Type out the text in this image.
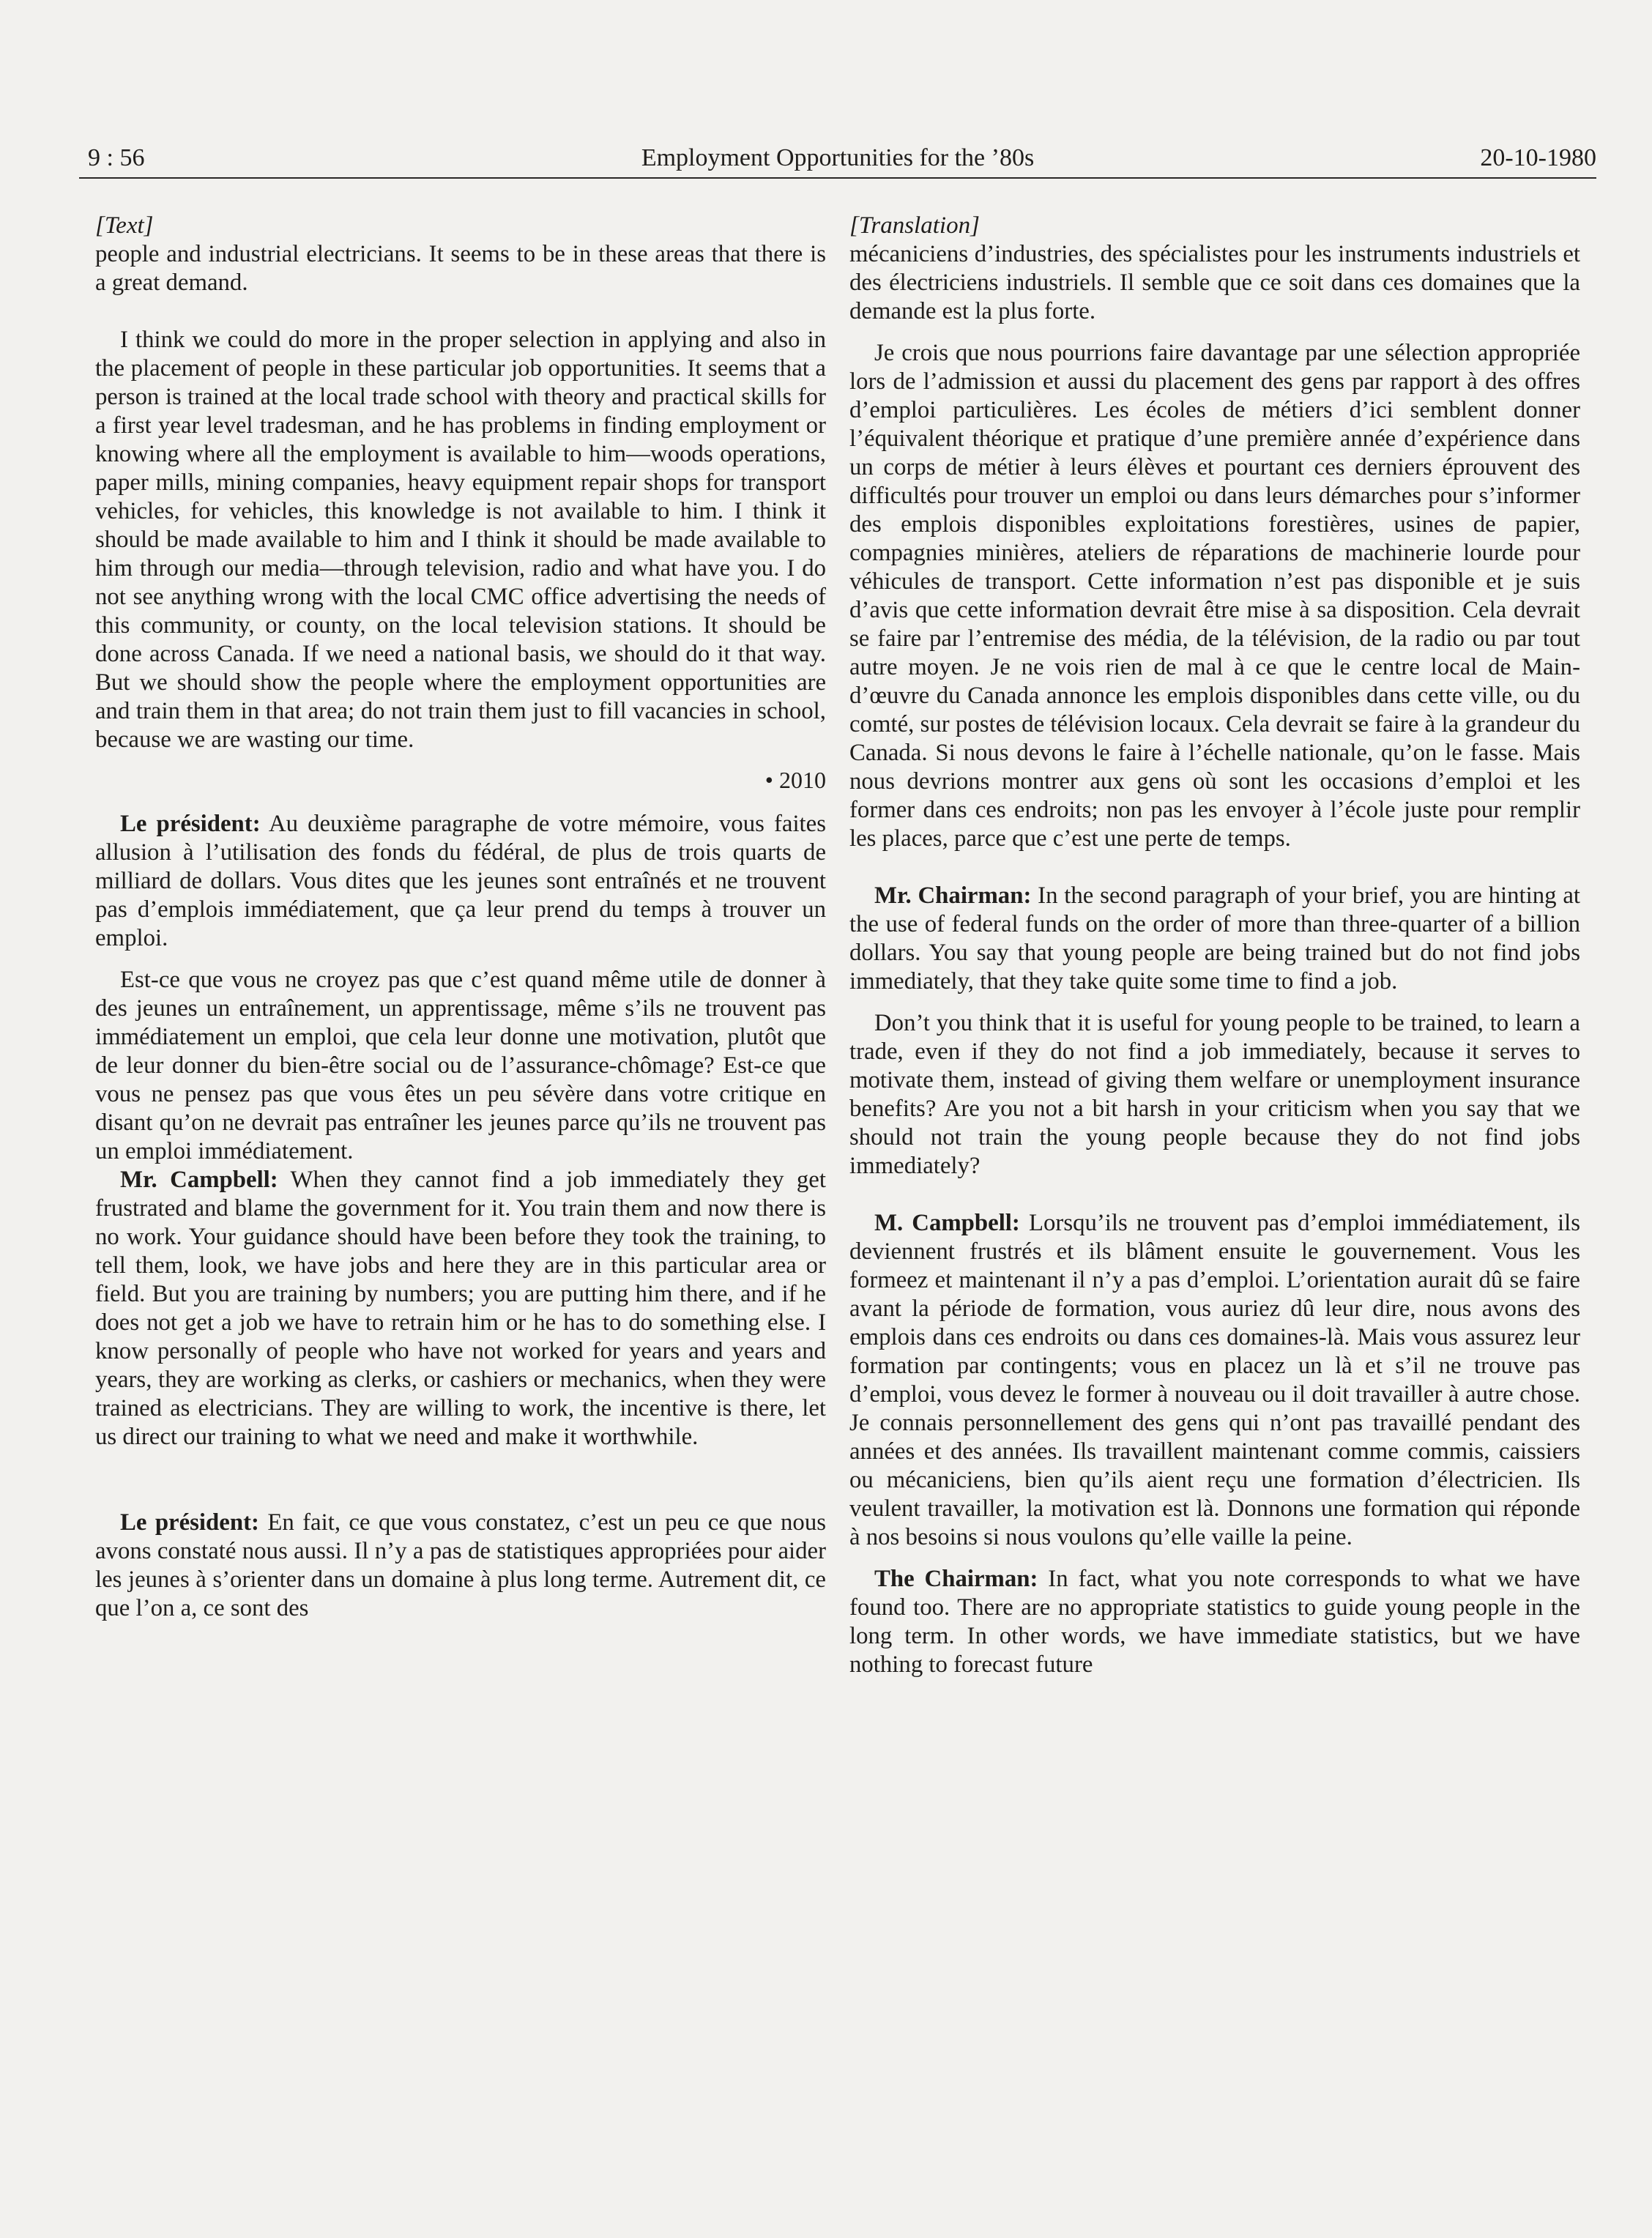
9 : 56	Employment Opportunities for the ’80s	20-10-1980
[Text]

people and industrial electricians. It seems to be in these areas that there is a great demand.

I think we could do more in the proper selection in applying and also in the placement of people in these particular job opportunities. It seems that a person is trained at the local trade school with theory and practical skills for a first year level tradesman, and he has problems in finding employment or knowing where all the employment is available to him—woods operations, paper mills, mining companies, heavy equipment repair shops for transport vehicles, for vehicles, this knowledge is not available to him. I think it should be made available to him and I think it should be made available to him through our media—through television, radio and what have you. I do not see anything wrong with the local CMC office advertising the needs of this community, or county, on the local television stations. It should be done across Canada. If we need a national basis, we should do it that way. But we should show the people where the employment opportunities are and train them in that area; do not train them just to fill vacancies in school, because we are wasting our time.

• 2010

Le président: Au deuxième paragraphe de votre mémoire, vous faites allusion à l’utilisation des fonds du fédéral, de plus de trois quarts de milliard de dollars. Vous dites que les jeunes sont entraînés et ne trouvent pas d’emplois immédiatement, que ça leur prend du temps à trouver un emploi.

Est-ce que vous ne croyez pas que c’est quand même utile de donner à des jeunes un entraînement, un apprentissage, même s’ils ne trouvent pas immédiatement un emploi, que cela leur donne une motivation, plutôt que de leur donner du bien-être social ou de l’assurance-chômage? Est-ce que vous ne pensez pas que vous êtes un peu sévère dans votre critique en disant qu’on ne devrait pas entraîner les jeunes parce qu’ils ne trouvent pas un emploi immédiatement.

Mr. Campbell: When they cannot find a job immediately they get frustrated and blame the government for it. You train them and now there is no work. Your guidance should have been before they took the training, to tell them, look, we have jobs and here they are in this particular area or field. But you are training by numbers; you are putting him there, and if he does not get a job we have to retrain him or he has to do something else. I know personally of people who have not worked for years and years and years, they are working as clerks, or cashiers or mechanics, when they were trained as electricians. They are willing to work, the incentive is there, let us direct our training to what we need and make it worthwhile.

Le président: En fait, ce que vous constatez, c’est un peu ce que nous avons constaté nous aussi. Il n’y a pas de statistiques appropriées pour aider les jeunes à s’orienter dans un domaine à plus long terme. Autrement dit, ce que l’on a, ce sont des

[Translation]

mécaniciens d’industries, des spécialistes pour les instruments industriels et des électriciens industriels. Il semble que ce soit dans ces domaines que la demande est la plus forte.

Je crois que nous pourrions faire davantage par une sélection appropriée lors de l’admission et aussi du placement des gens par rapport à des offres d’emploi particulières. Les écoles de métiers d’ici semblent donner l’équivalent théorique et pratique d’une première année d’expérience dans un corps de métier à leurs élèves et pourtant ces derniers éprouvent des difficultés pour trouver un emploi ou dans leurs démarches pour s’informer des emplois disponibles exploitations forestières, usines de papier, compagnies minières, ateliers de réparations de machinerie lourde pour véhicules de transport. Cette information n’est pas disponible et je suis d’avis que cette information devrait être mise à sa disposition. Cela devrait se faire par l’entremise des média, de la télévision, de la radio ou par tout autre moyen. Je ne vois rien de mal à ce que le centre local de Main-d’œuvre du Canada annonce les emplois disponibles dans cette ville, ou du comté, sur postes de télévision locaux. Cela devrait se faire à la grandeur du Canada. Si nous devons le faire à l’échelle nationale, qu’on le fasse. Mais nous devrions montrer aux gens où sont les occasions d’emploi et les former dans ces endroits; non pas les envoyer à l’école juste pour remplir les places, parce que c’est une perte de temps.

Mr. Chairman: In the second paragraph of your brief, you are hinting at the use of federal funds on the order of more than three-quarter of a billion dollars. You say that young people are being trained but do not find jobs immediately, that they take quite some time to find a job.

Don’t you think that it is useful for young people to be trained, to learn a trade, even if they do not find a job immediately, because it serves to motivate them, instead of giving them welfare or unemployment insurance benefits? Are you not a bit harsh in your criticism when you say that we should not train the young people because they do not find jobs immediately?

M. Campbell: Lorsqu’ils ne trouvent pas d’emploi immédiatement, ils deviennent frustrés et ils blâment ensuite le gouvernement. Vous les formeez et maintenant il n’y a pas d’emploi. L’orientation aurait dû se faire avant la période de formation, vous auriez dû leur dire, nous avons des emplois dans ces endroits ou dans ces domaines-là. Mais vous assurez leur formation par contingents; vous en placez un là et s’il ne trouve pas d’emploi, vous devez le former à nouveau ou il doit travailler à autre chose. Je connais personnellement des gens qui n’ont pas travaillé pendant des années et des années. Ils travaillent maintenant comme commis, caissiers ou mécaniciens, bien qu’ils aient reçu une formation d’électricien. Ils veulent travailler, la motivation est là. Donnons une formation qui réponde à nos besoins si nous voulons qu’elle vaille la peine.

The Chairman: In fact, what you note corresponds to what we have found too. There are no appropriate statistics to guide young people in the long term. In other words, we have immediate statistics, but we have nothing to forecast future
